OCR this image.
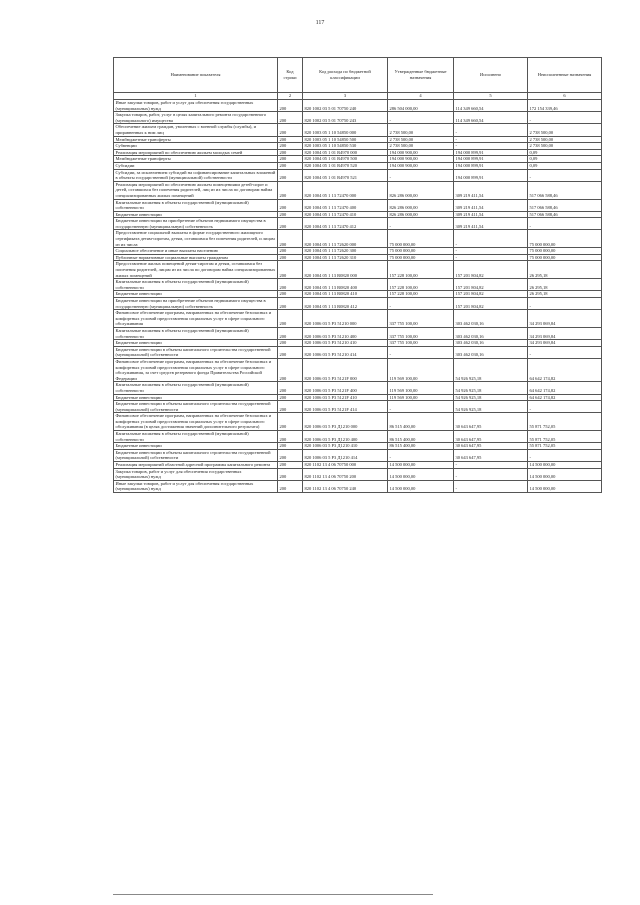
117
Наименование показателя	Код строки	Код расхода по бюджетной классификации	Утвержденные бюджетные назначения	Исполнено	Неисполненные назначения
1	2	3	4	5	6
Иные закупки товаров, работ и услуг для обеспечения государственных (муниципальных) нужд	200	820 1002 03 5 01 70750 240	286 504 000,00	114 349 660,54	172 154 339,46
Закупка товаров, работ, услуг в целях капитального ремонта государственного (муниципального) имущества	200	820 1002 03 5 01 70750 243	-	114 349 660,54	-
Обеспечение жильем граждан, уволенных с военной службы (службы), и приравненных к ним лиц	200	820 1003 05 1 10 54850 000	2 738 500,00	-	2 738 500,00
Межбюджетные трансферты	200	820 1003 05 1 10 54850 500	2 738 500,00	-	2 738 500,00
Субвенции	200	820 1003 05 1 10 54850 530	2 738 500,00	-	2 738 500,00
Реализация мероприятий по обеспечению жильем молодых семей	200	820 1004 05 1 01 R4970 000	194 000 900,00	194 000 899,91	0,09
Межбюджетные трансферты	200	820 1004 05 1 01 R4970 500	194 000 900,00	194 000 899,91	0,09
Субсидии	200	820 1004 05 1 01 R4970 520	194 000 900,00	194 000 899,91	0,09
Субсидии, за исключением субсидий на софинансирование капитальных вложений в объекты государственной (муниципальной) собственности	200	820 1004 05 1 01 R4970 521	-	194 000 899,91	-
Реализация мероприятий по обеспечению жильем помещениями детей-сирот и детей, оставшихся без попечения родителей, лиц из их числа по договорам найма специализированных жилых помещений	200	820 1004 05 1 13 72470 000	826 286 000,00	309 219 411,54	517 066 588,46
Капитальные вложения в объекты государственной (муниципальной) собственности	200	820 1004 05 1 13 72470 400	826 286 000,00	309 219 411,54	517 066 588,46
Бюджетные инвестиции	200	820 1004 05 1 13 72470 410	826 286 000,00	309 219 411,54	517 066 588,46
Бюджетные инвестиции на приобретение объектов недвижимого имущества в государственную (муниципальную) собственность	200	820 1004 05 1 13 72470 412	-	309 219 411,54	-
Предоставление социальной выплаты в форме государственного жилищного сертификата детям-сиротам, детям, оставшимся без попечения родителей, и лицам из их числа	200	820 1004 05 1 13 72620 000	75 000 000,00	-	75 000 000,00
Социальное обеспечение и иные выплаты населению	200	820 1004 05 1 13 72620 300	75 000 000,00	-	75 000 000,00
Публичные нормативные социальные выплаты гражданам	200	820 1004 05 1 13 72620 310	75 000 000,00	-	75 000 000,00
Предоставление жилых помещений детям-сиротам и детям, оставшимся без попечения родителей, лицам из их числа по договорам найма специализированных жилых помещений	200	820 1004 05 1 13 R0820 000	157 228 100,00	157 201 804,82	26 295,18
Капитальные вложения в объекты государственной (муниципальной) собственности	200	820 1004 05 1 13 R0820 400	157 228 100,00	157 201 804,82	26 295,18
Бюджетные инвестиции	200	820 1004 05 1 13 R0820 410	157 228 100,00	157 201 804,82	26 295,18
Бюджетные инвестиции на приобретение объектов недвижимого имущества в государственную (муниципальную) собственность	200	820 1004 05 1 13 R0820 412	-	157 201 804,82	-
Финансовое обеспечение программ, направленных на обеспечение безопасных и комфортных условий предоставления социальных услуг в сфере социального обслуживания	200	820 1006 03 5 P3 51210 000	337 755 100,00	303 462 030,16	34 293 069,84
Капитальные вложения в объекты государственной (муниципальной) собственности	200	820 1006 03 5 P3 51210 400	337 755 100,00	303 462 030,16	34 293 069,84
Бюджетные инвестиции	200	820 1006 03 5 P3 51210 410	337 755 100,00	303 462 030,16	34 293 069,84
Бюджетные инвестиции в объекты капитального строительства государственной (муниципальной) собственности	200	820 1006 03 5 P3 51210 414	-	303 462 030,16	-
Финансовое обеспечение программ, направленных на обеспечение безопасных и комфортных условий предоставления социальных услуг в сфере социального обслуживания, за счет средств резервного фонда Правительства Российской Федерации	200	820 1006 03 5 P3 5121F 000	119 569 100,00	54 926 925,18	64 642 174,82
Капитальные вложения в объекты государственной (муниципальной) собственности	200	820 1006 03 5 P3 5121F 400	119 569 100,00	54 926 925,18	64 642 174,82
Бюджетные инвестиции	200	820 1006 03 5 P3 5121F 410	119 569 100,00	54 926 925,18	64 642 174,82
Бюджетные инвестиции в объекты капитального строительства государственной (муниципальной) собственности	200	820 1006 03 5 P3 5121F 414	-	54 926 925,18	-
Финансовое обеспечение программ, направленных на обеспечение безопасных и комфортных условий предоставления социальных услуг в сфере социального обслуживания (в целях достижения значений дополнительного результата)	200	820 1006 03 5 P3 Д1210 000	86 515 400,00	30 643 647,95	55 871 752,05
Капитальные вложения в объекты государственной (муниципальной) собственности	200	820 1006 03 5 P3 Д1210 400	86 515 400,00	30 643 647,95	55 871 752,05
Бюджетные инвестиции	200	820 1006 03 5 P3 Д1210 410	86 515 400,00	30 643 647,95	55 871 752,05
Бюджетные инвестиции в объекты капитального строительства государственной (муниципальной) собственности	200	820 1006 03 5 P3 Д1210 414	-	30 643 647,95	-
Реализация мероприятий областной адресной программы капитального ремонта	200	820 1102 13 4 06 70750 000	14 500 000,00	-	14 500 000,00
Закупка товаров, работ и услуг для обеспечения государственных (муниципальных) нужд	200	820 1102 13 4 06 70750 200	14 500 000,00	-	14 500 000,00
Иные закупки товаров, работ и услуг для обеспечения государственных (муниципальных) нужд	200	820 1102 13 4 06 70750 240	14 500 000,00	-	14 500 000,00
